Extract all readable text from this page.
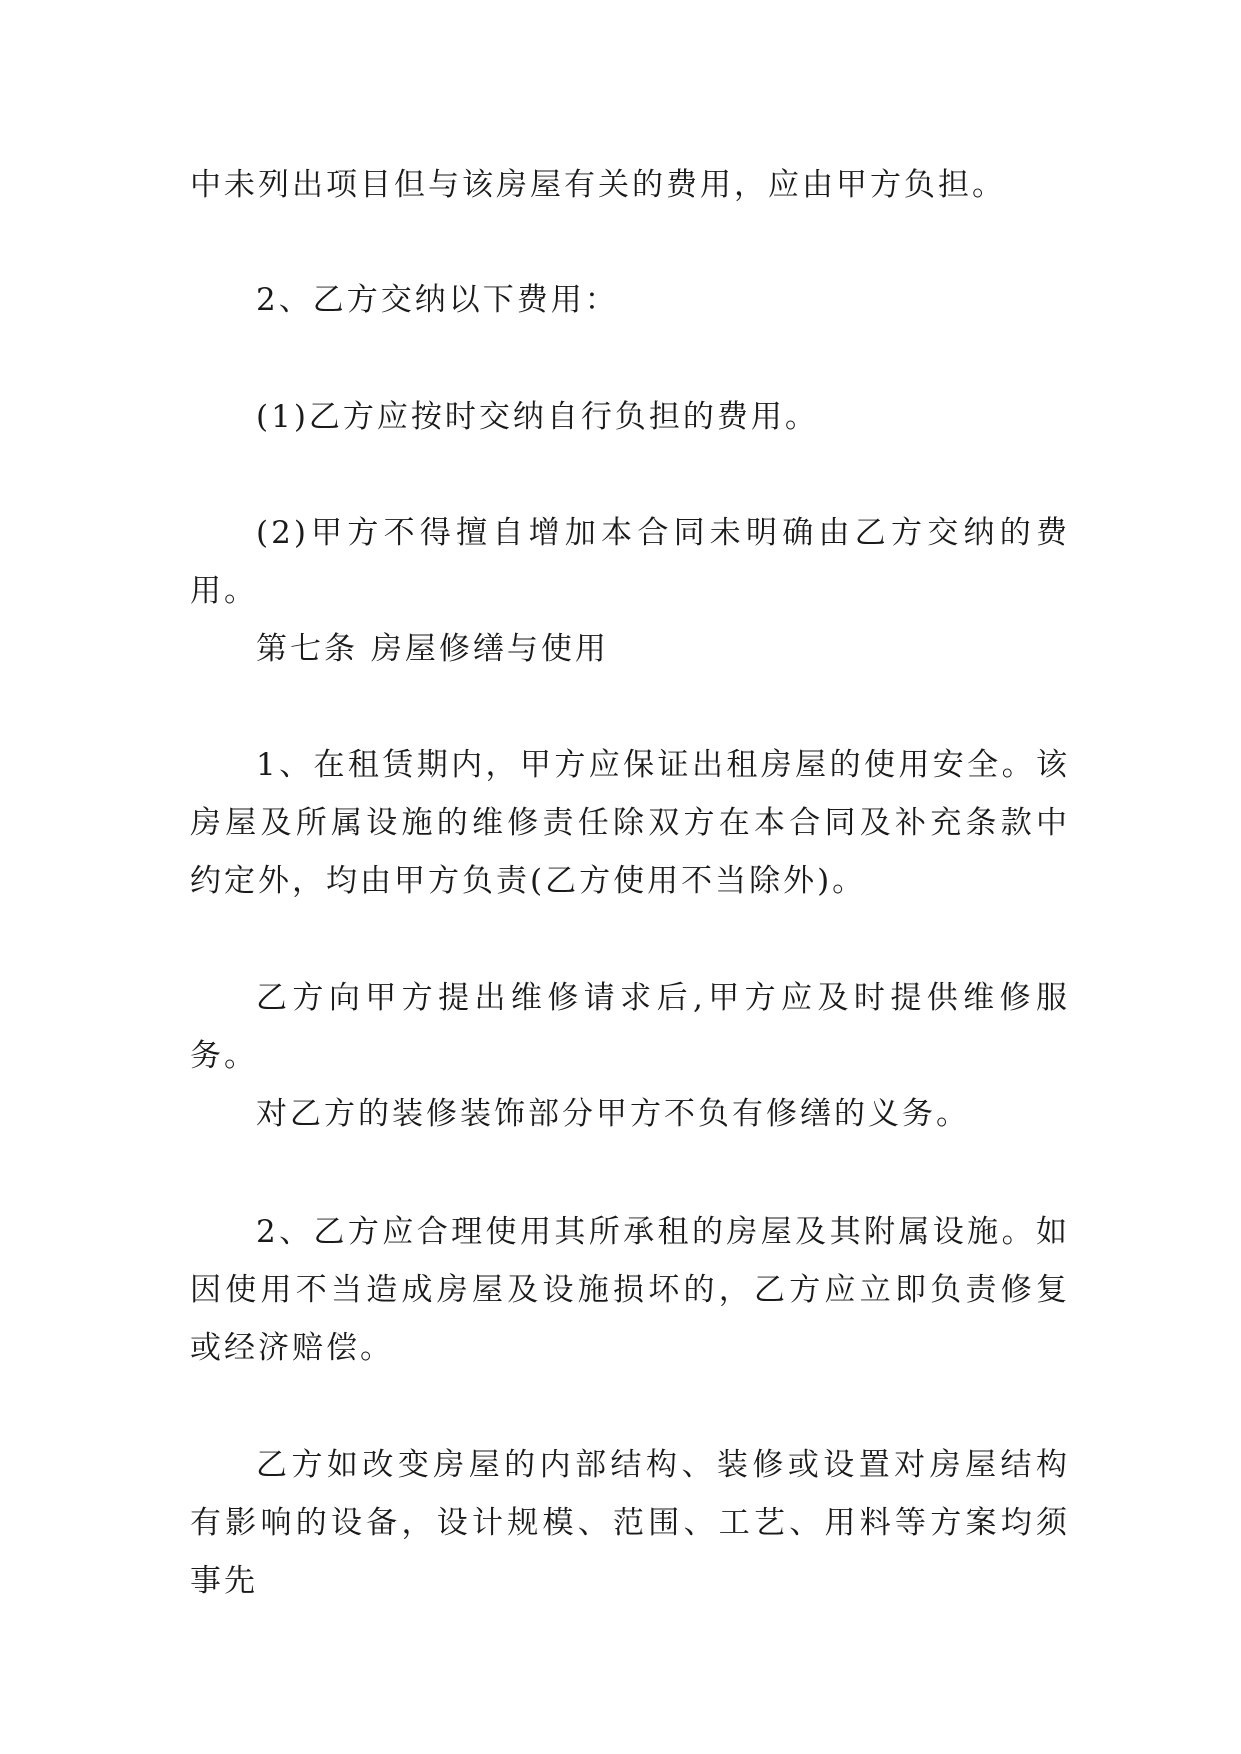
中未列出项目但与该房屋有关的费用，应由甲方负担。

2、乙方交纳以下费用：

(1)乙方应按时交纳自行负担的费用。

(2)甲方不得擅自增加本合同未明确由乙方交纳的费用。

第七条 房屋修缮与使用

1、在租赁期内，甲方应保证出租房屋的使用安全。该房屋及所属设施的维修责任除双方在本合同及补充条款中约定外，均由甲方负责(乙方使用不当除外)。

乙方向甲方提出维修请求后,甲方应及时提供维修服务。

对乙方的装修装饰部分甲方不负有修缮的义务。

2、乙方应合理使用其所承租的房屋及其附属设施。如因使用不当造成房屋及设施损坏的，乙方应立即负责修复或经济赔偿。

乙方如改变房屋的内部结构、装修或设置对房屋结构有影响的设备，设计规模、范围、工艺、用料等方案均须事先
